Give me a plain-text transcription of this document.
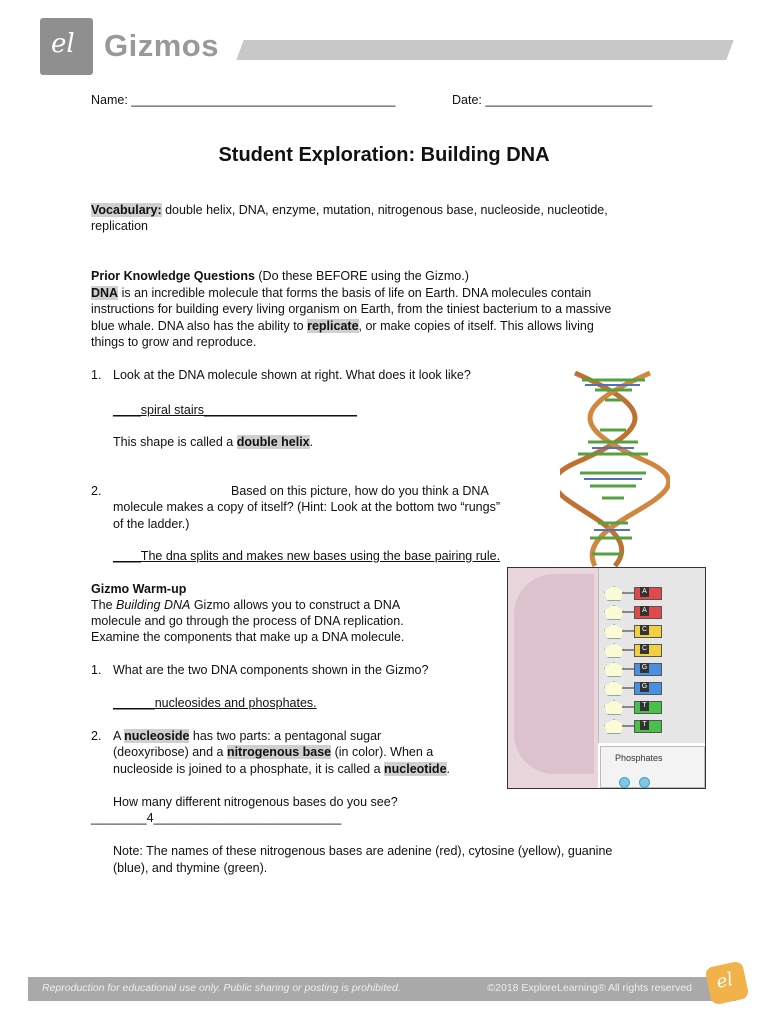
el Gizmos
Name: ______________________________________	Date: ________________________
Student Exploration: Building DNA
Vocabulary: double helix, DNA, enzyme, mutation, nitrogenous base, nucleoside, nucleotide,
replication
Prior Knowledge Questions (Do these BEFORE using the Gizmo.)
DNA is an incredible molecule that forms the basis of life on Earth. DNA molecules contain
instructions for building every living organism on Earth, from the tiniest bacterium to a massive
blue whale. DNA also has the ability to replicate, or make copies of itself. This allows living
things to grow and reproduce.
1. Look at the DNA molecule shown at right. What does it look like?
____spiral stairs______________________
This shape is called a double helix.
2.	Based on this picture, how do you think a DNA
molecule makes a copy of itself? (Hint: Look at the bottom two “rungs”
of the ladder.)
____The dna splits and makes new bases using the base pairing rule.
A
A
C
C
G
G
T
T
Phosphates
Gizmo Warm-up
The Building DNA Gizmo allows you to construct a DNA
molecule and go through the process of DNA replication.
Examine the components that make up a DNA molecule.
1. What are the two DNA components shown in the Gizmo?
______nucleosides and phosphates.
2. A nucleoside has two parts: a pentagonal sugar
(deoxyribose) and a nitrogenous base (in color). When a
nucleoside is joined to a phosphate, it is called a nucleotide.
How many different nitrogenous bases do you see?
________4___________________________
Note: The names of these nitrogenous bases are adenine (red), cytosine (yellow), guanine
(blue), and thymine (green).
Reproduction for educational use only. Public sharing or posting is prohibited.	©2018 ExploreLearning® All rights reserved el
